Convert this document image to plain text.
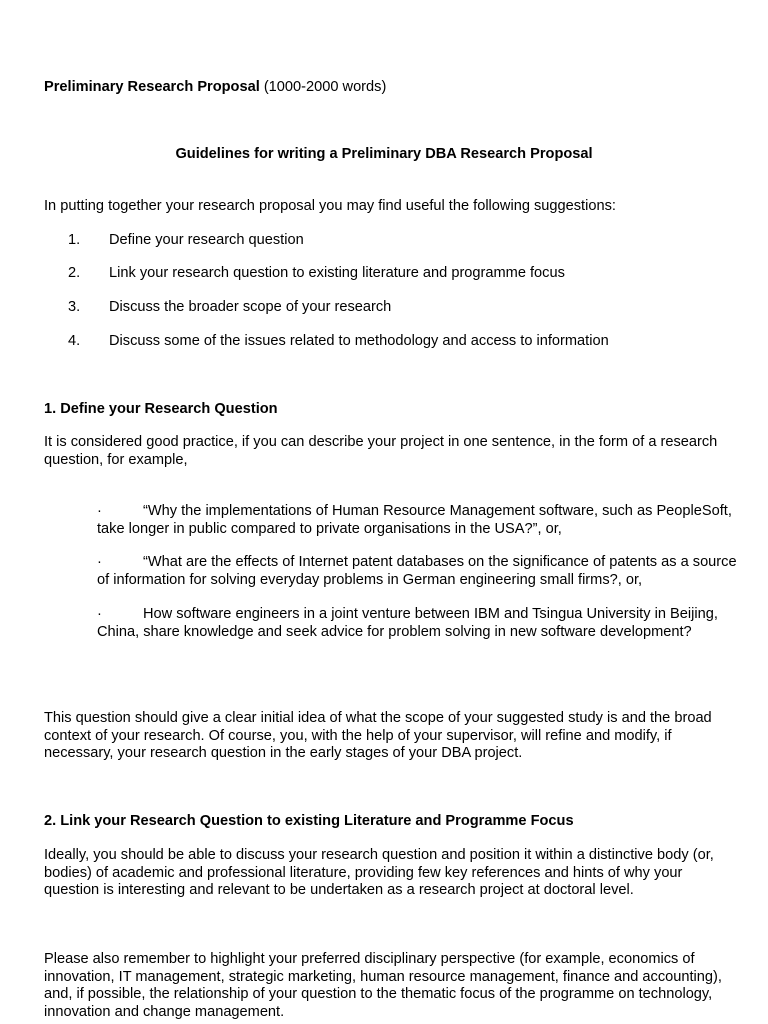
Preliminary Research Proposal (1000-2000 words)

Guidelines for writing a Preliminary DBA Research Proposal

In putting together your research proposal you may find useful the following suggestions:

1. Define your research question
2. Link your research question to existing literature and programme focus
3. Discuss the broader scope of your research
4. Discuss some of the issues related to methodology and access to information

1. Define your Research Question

It is considered good practice, if you can describe your project in one sentence, in the form of a research question, for example,

·	“Why the implementations of Human Resource Management software, such as PeopleSoft, take longer in public compared to private organisations in the USA?”, or,
·	“What are the effects of Internet patent databases on the significance of patents as a source of information for solving everyday problems in German engineering small firms?, or,
·	How software engineers in a joint venture between IBM and Tsingua University in Beijing, China, share knowledge and seek advice for problem solving in new software development?

This question should give a clear initial idea of what the scope of your suggested study is and the broad context of your research. Of course, you, with the help of your supervisor, will refine and modify, if necessary, your research question in the early stages of your DBA project.

2. Link your Research Question to existing Literature and Programme Focus

Ideally, you should be able to discuss your research question and position it within a distinctive body (or, bodies) of academic and professional literature, providing few key references and hints of why your question is interesting and relevant to be undertaken as a research project at doctoral level.

Please also remember to highlight your preferred disciplinary perspective (for example, economics of innovation, IT management, strategic marketing, human resource management, finance and accounting), and, if possible, the relationship of your question to the thematic focus of the programme on technology, innovation and change management.
